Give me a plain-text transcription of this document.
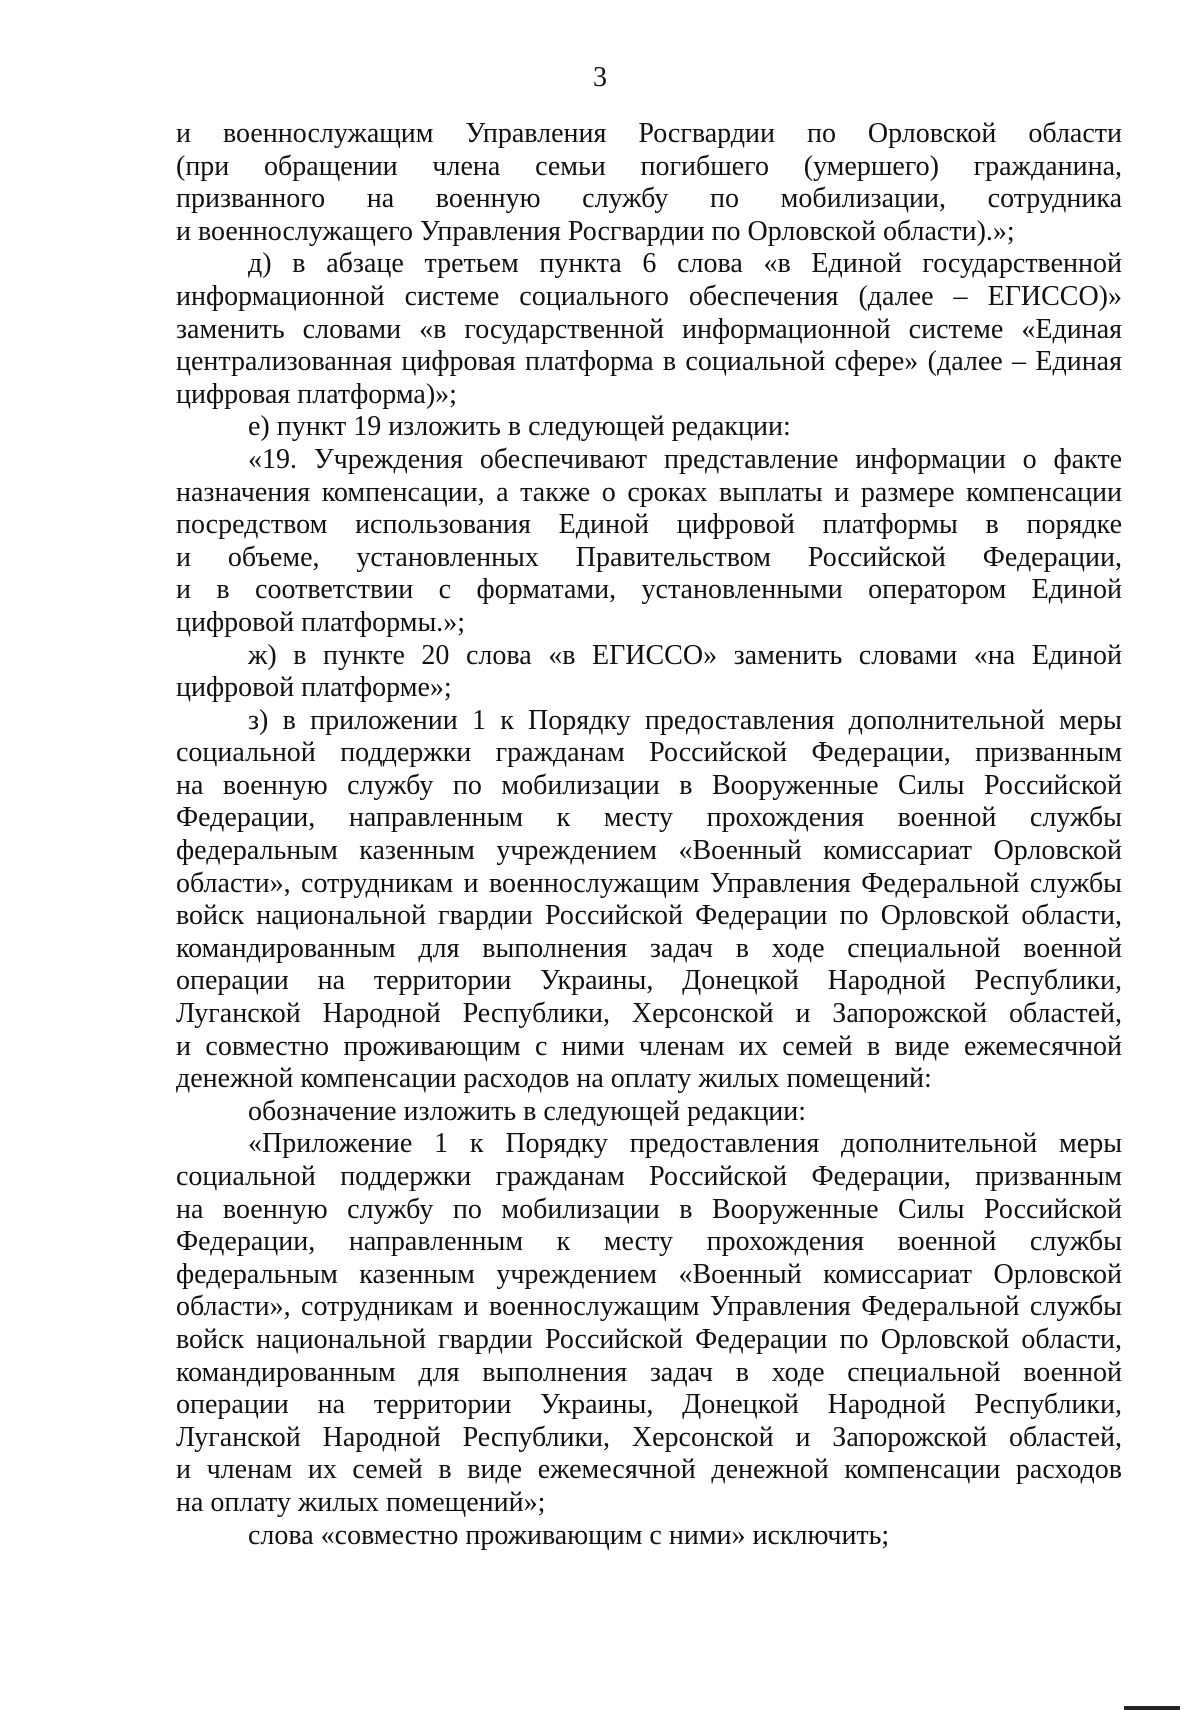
3
и военнослужащим Управления Росгвардии по Орловской области
(при обращении члена семьи погибшего (умершего) гражданина,
призванного на военную службу по мобилизации, сотрудника
и военнослужащего Управления Росгвардии по Орловской области).»;
д) в абзаце третьем пункта 6 слова «в Единой государственной
информационной системе социального обеспечения (далее – ЕГИССО)»
заменить словами «в государственной информационной системе «Единая
централизованная цифровая платформа в социальной сфере» (далее – Единая
цифровая платформа)»;
е) пункт 19 изложить в следующей редакции:
«19. Учреждения обеспечивают представление информации о факте
назначения компенсации, а также о сроках выплаты и размере компенсации
посредством использования Единой цифровой платформы в порядке
и объеме, установленных Правительством Российской Федерации,
и в соответствии с форматами, установленными оператором Единой
цифровой платформы.»;
ж) в пункте 20 слова «в ЕГИССО» заменить словами «на Единой
цифровой платформе»;
з) в приложении 1 к Порядку предоставления дополнительной меры
социальной поддержки гражданам Российской Федерации, призванным
на военную службу по мобилизации в Вооруженные Силы Российской
Федерации, направленным к месту прохождения военной службы
федеральным казенным учреждением «Военный комиссариат Орловской
области», сотрудникам и военнослужащим Управления Федеральной службы
войск национальной гвардии Российской Федерации по Орловской области,
командированным для выполнения задач в ходе специальной военной
операции на территории Украины, Донецкой Народной Республики,
Луганской Народной Республики, Херсонской и Запорожской областей,
и совместно проживающим с ними членам их семей в виде ежемесячной
денежной компенсации расходов на оплату жилых помещений:
обозначение изложить в следующей редакции:
«Приложение 1 к Порядку предоставления дополнительной меры
социальной поддержки гражданам Российской Федерации, призванным
на военную службу по мобилизации в Вооруженные Силы Российской
Федерации, направленным к месту прохождения военной службы
федеральным казенным учреждением «Военный комиссариат Орловской
области», сотрудникам и военнослужащим Управления Федеральной службы
войск национальной гвардии Российской Федерации по Орловской области,
командированным для выполнения задач в ходе специальной военной
операции на территории Украины, Донецкой Народной Республики,
Луганской Народной Республики, Херсонской и Запорожской областей,
и членам их семей в виде ежемесячной денежной компенсации расходов
на оплату жилых помещений»;
слова «совместно проживающим с ними» исключить;
